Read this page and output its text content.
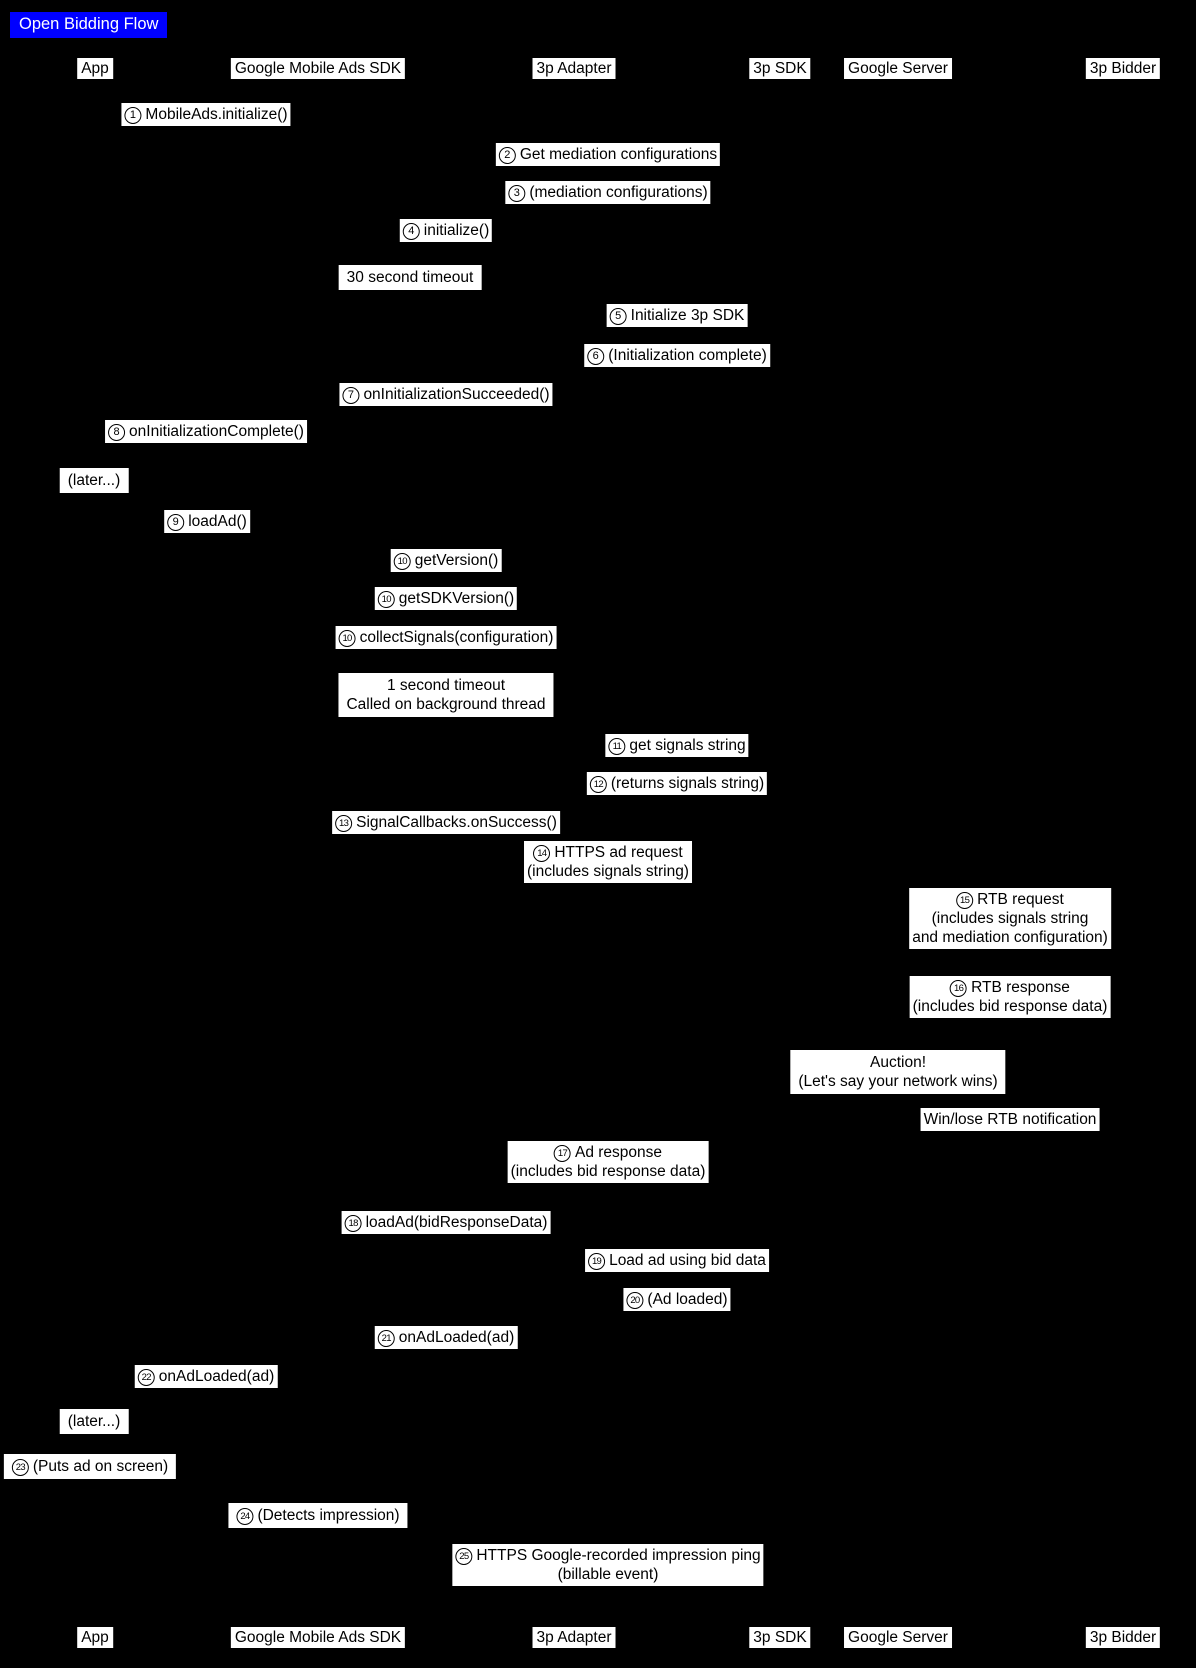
Open Bidding Flow
App	Google Mobile Ads SDK	3p Adapter	3p SDK	Google Server	3p Bidder
App	Google Mobile Ads SDK	3p Adapter	3p SDK	Google Server	3p Bidder
1 MobileAds.initialize()
2 Get mediation configurations
3 (mediation configurations)
4 initialize()
30 second timeout
5 Initialize 3p SDK
6 (Initialization complete)
7 onInitializationSucceeded()
8 onInitializationComplete()
(later...)
9 loadAd()
10 getVersion()
10 getSDKVersion()
10 collectSignals(configuration)
1 second timeout
Called on background thread
11 get signals string
12 (returns signals string)
13 SignalCallbacks.onSuccess()
14 HTTPS ad request
(includes signals string)
15 RTB request
(includes signals string
and mediation configuration)
16 RTB response
(includes bid response data)
Auction!
(Let's say your network wins)
Win/lose RTB notification
17 Ad response
(includes bid response data)
18 loadAd(bidResponseData)
19 Load ad using bid data
20 (Ad loaded)
21 onAdLoaded(ad)
22 onAdLoaded(ad)
(later...)
23 (Puts ad on screen)
24 (Detects impression)
25 HTTPS Google-recorded impression ping
(billable event)
